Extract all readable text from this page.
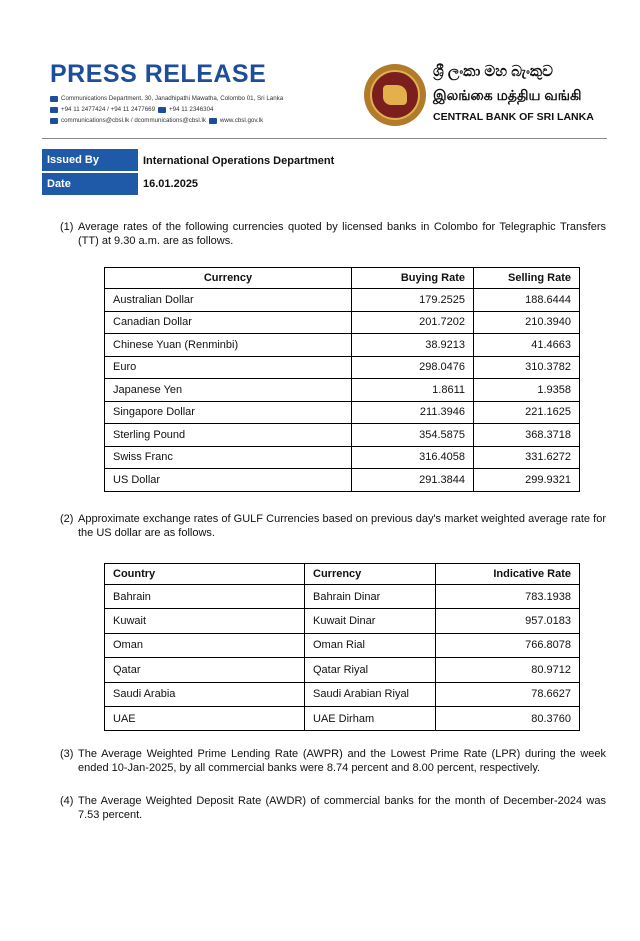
PRESS RELEASE
Communications Department, 30, Janadhipathi Mawatha, Colombo 01, Sri Lanka
+94 11 2477424 / +94 11 2477669 +94 11 2346304
communications@cbsl.lk / dcommunications@cbsl.lk www.cbsl.gov.lk
ශ්‍රී ලංකා මහ බැංකුව
இலங்கை மத்திய வங்கி
CENTRAL BANK OF SRI LANKA
Issued By	International Operations Department
Date	16.01.2025
(1) Average rates of the following currencies quoted by licensed banks in Colombo for Telegraphic Transfers (TT) at 9.30 a.m. are as follows.
Currency	Buying Rate	Selling Rate
Australian Dollar	179.2525	188.6444
Canadian Dollar	201.7202	210.3940
Chinese Yuan (Renminbi)	38.9213	41.4663
Euro	298.0476	310.3782
Japanese Yen	1.8611	1.9358
Singapore Dollar	211.3946	221.1625
Sterling Pound	354.5875	368.3718
Swiss Franc	316.4058	331.6272
US Dollar	291.3844	299.9321
(2) Approximate exchange rates of GULF Currencies based on previous day's market weighted average rate for the US dollar are as follows.
Country	Currency	Indicative Rate
Bahrain	Bahrain Dinar	783.1938
Kuwait	Kuwait Dinar	957.0183
Oman	Oman Rial	766.8078
Qatar	Qatar Riyal	80.9712
Saudi Arabia	Saudi Arabian Riyal	78.6627
UAE	UAE Dirham	80.3760
(3) The Average Weighted Prime Lending Rate (AWPR) and the Lowest Prime Rate (LPR) during the week ended 10-Jan-2025, by all commercial banks were 8.74 percent and 8.00 percent, respectively.
(4) The Average Weighted Deposit Rate (AWDR) of commercial banks for the month of December-2024 was 7.53 percent.
